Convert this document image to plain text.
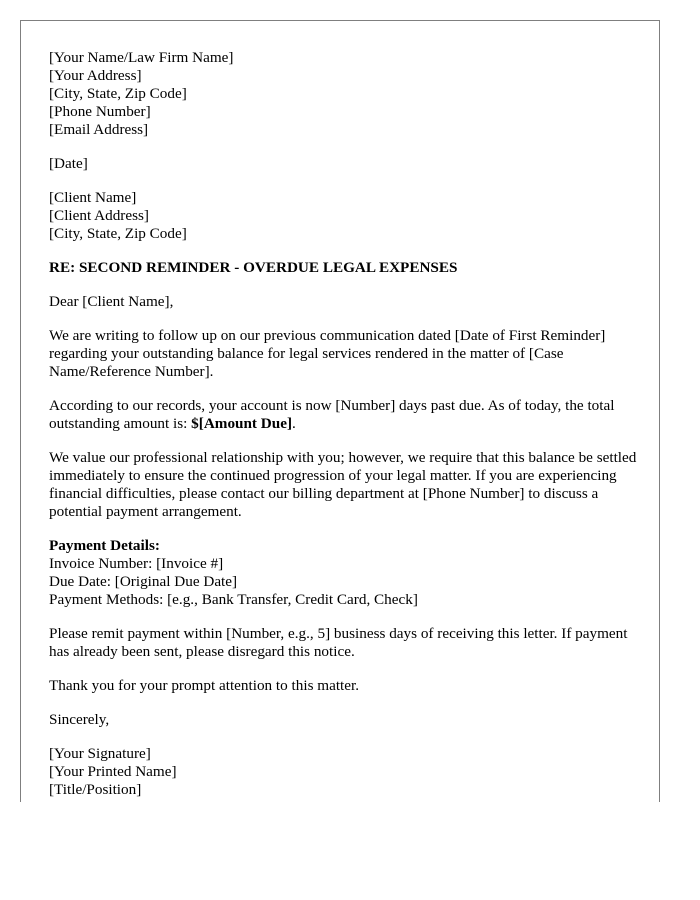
[Your Name/Law Firm Name]
[Your Address]
[City, State, Zip Code]
[Phone Number]
[Email Address]
[Date]
[Client Name]
[Client Address]
[City, State, Zip Code]

RE: SECOND REMINDER - OVERDUE LEGAL EXPENSES

Dear [Client Name],

We are writing to follow up on our previous communication dated [Date of First Reminder] regarding your outstanding balance for legal services rendered in the matter of [Case Name/Reference Number].

According to our records, your account is now [Number] days past due. As of today, the total outstanding amount is: $[Amount Due].

We value our professional relationship with you; however, we require that this balance be settled immediately to ensure the continued progression of your legal matter. If you are experiencing financial difficulties, please contact our billing department at [Phone Number] to discuss a potential payment arrangement.

Payment Details:
Invoice Number: [Invoice #]
Due Date: [Original Due Date]
Payment Methods: [e.g., Bank Transfer, Credit Card, Check]

Please remit payment within [Number, e.g., 5] business days of receiving this letter. If payment has already been sent, please disregard this notice.

Thank you for your prompt attention to this matter.

Sincerely,

[Your Signature]
[Your Printed Name]
[Title/Position]
